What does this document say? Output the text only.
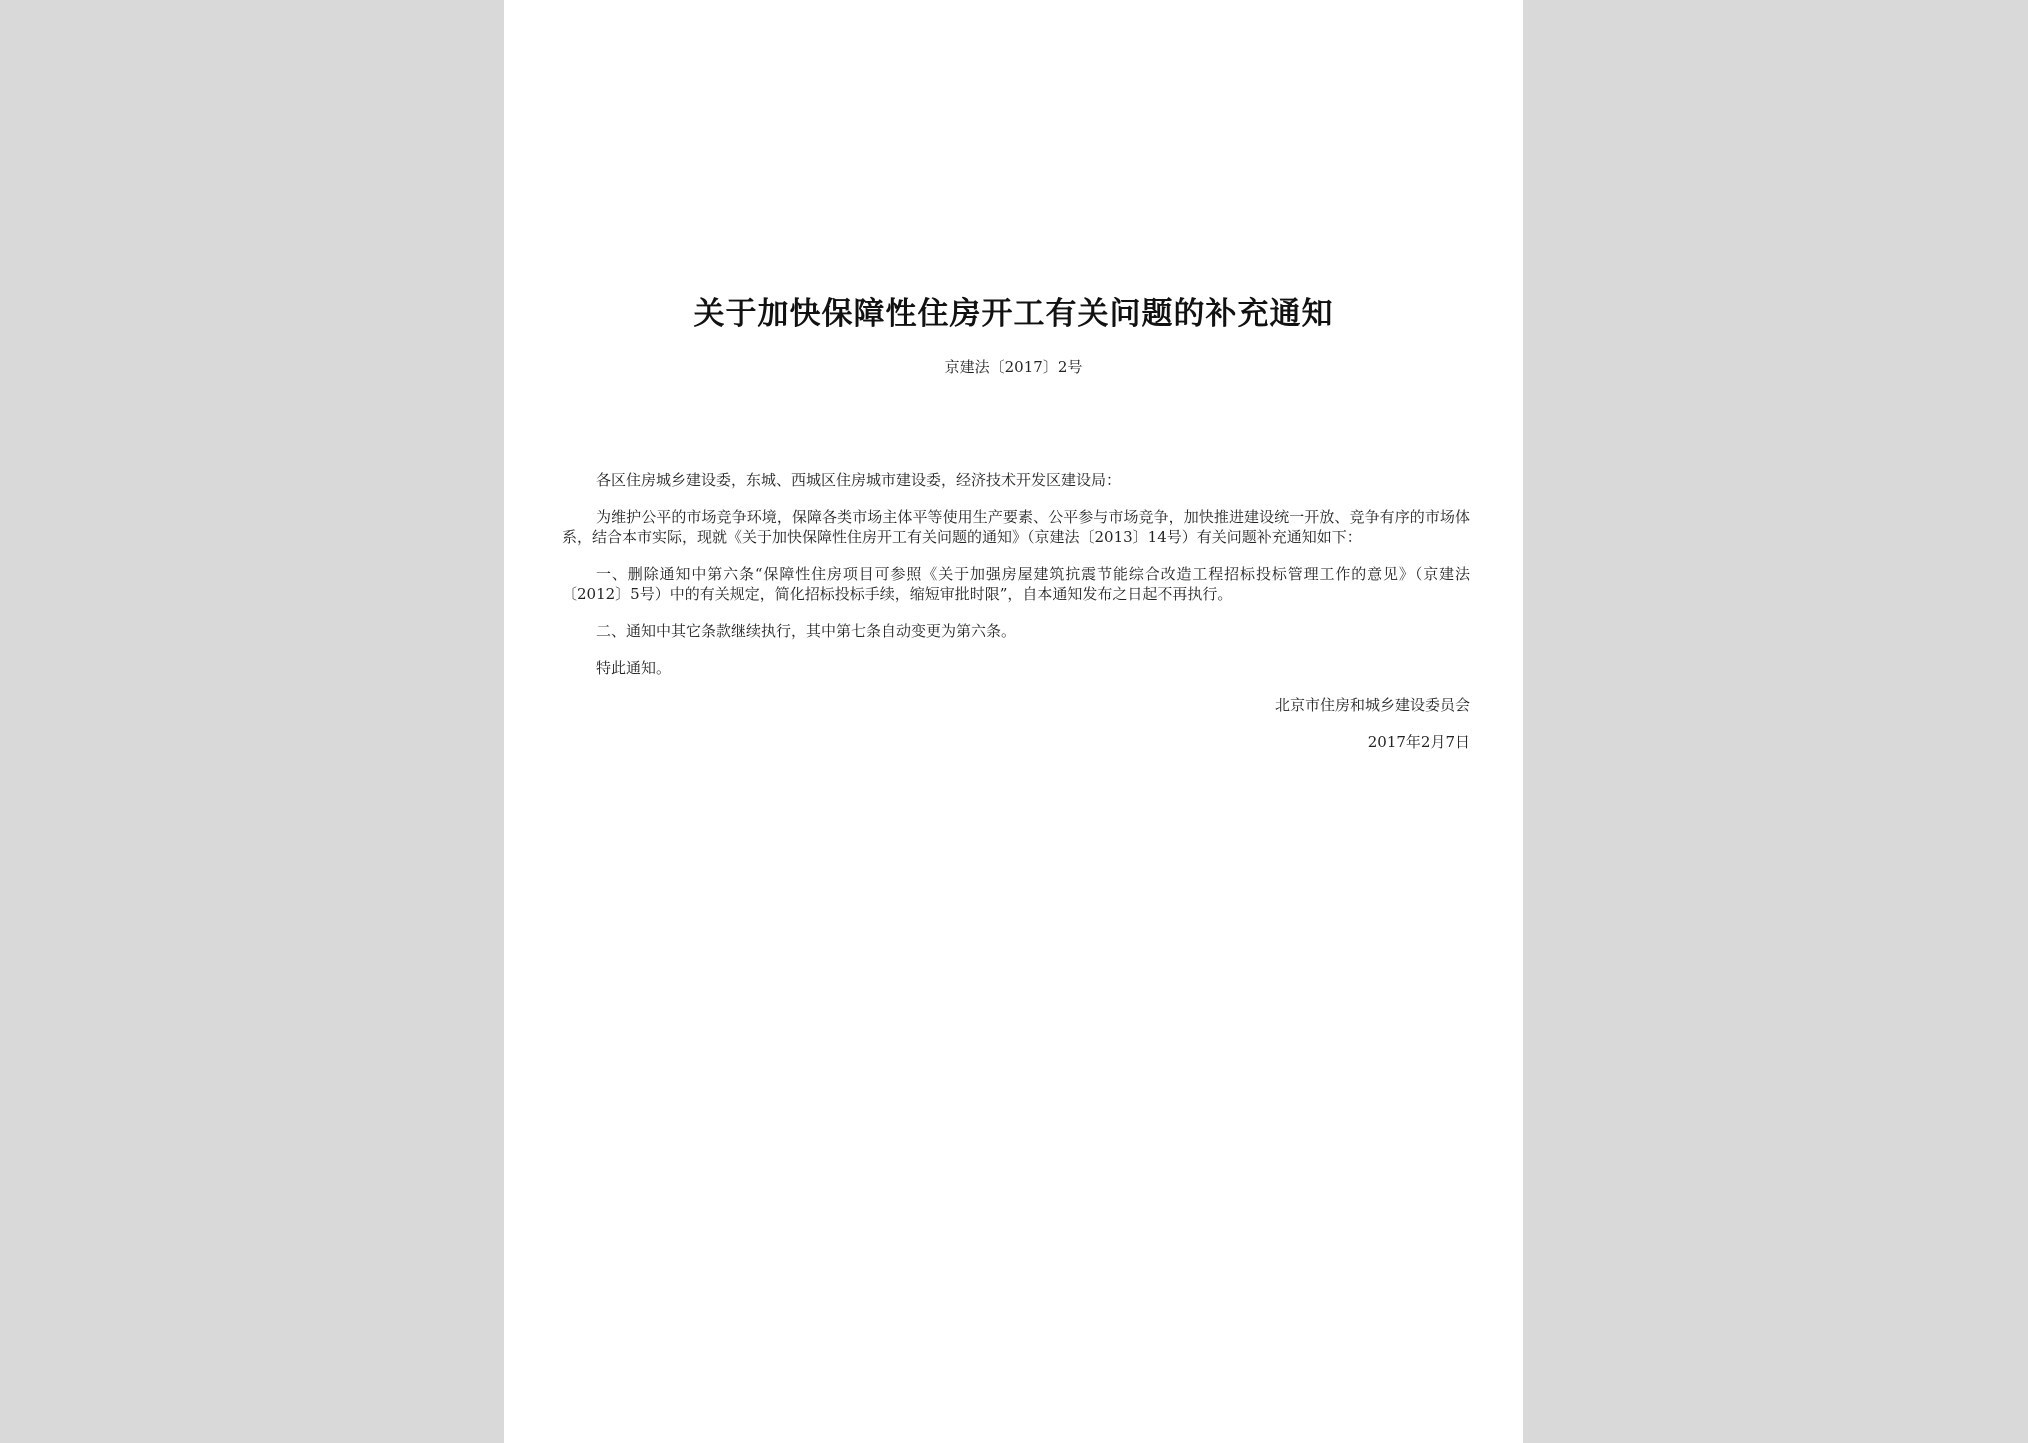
关于加快保障性住房开工有关问题的补充通知
京建法〔2017〕2号

各区住房城乡建设委，东城、西城区住房城市建设委，经济技术开发区建设局：

为维护公平的市场竞争环境，保障各类市场主体平等使用生产要素、公平参与市场竞争，加快推进建设统一开放、竞争有序的市场体系，结合本市实际，现就《关于加快保障性住房开工有关问题的通知》（京建法〔2013〕14号）有关问题补充通知如下：

一、删除通知中第六条“保障性住房项目可参照《关于加强房屋建筑抗震节能综合改造工程招标投标管理工作的意见》（京建法〔2012〕5号）中的有关规定，简化招标投标手续，缩短审批时限”，自本通知发布之日起不再执行。

二、通知中其它条款继续执行，其中第七条自动变更为第六条。

特此通知。

北京市住房和城乡建设委员会

2017年2月7日
